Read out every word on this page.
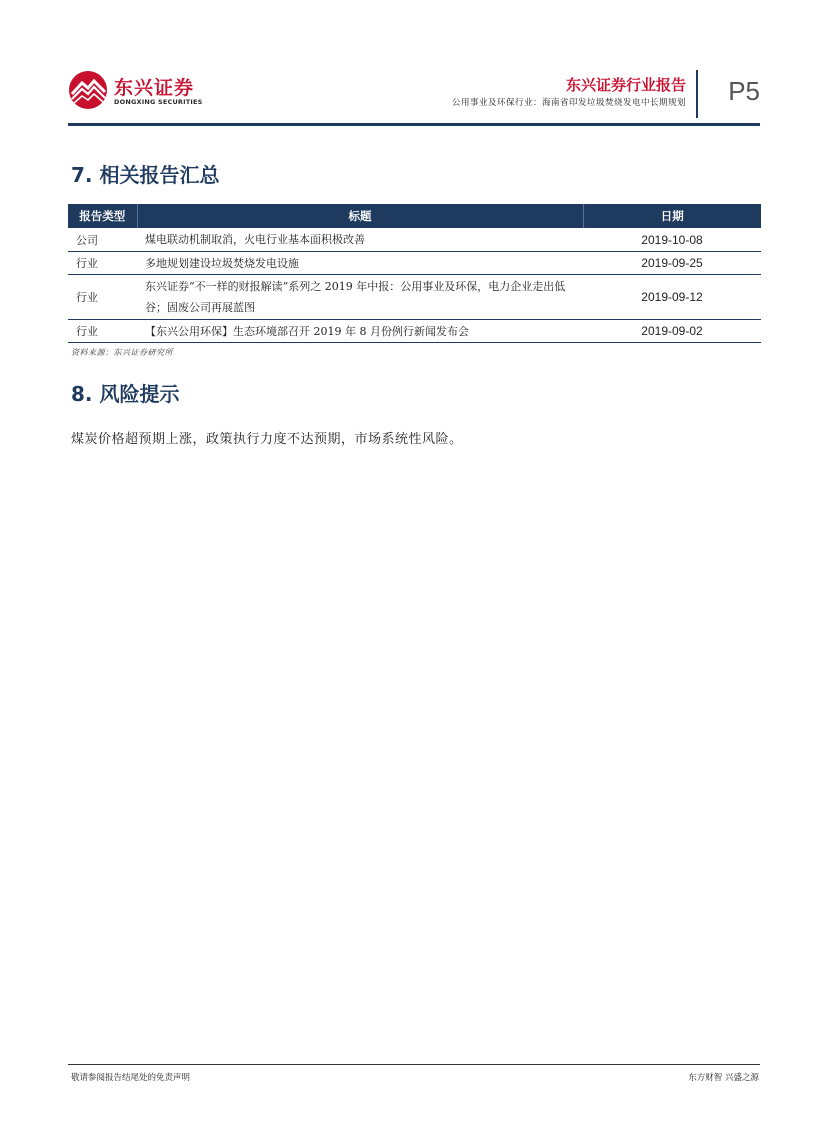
东兴证券
DONGXING SECURITIES
东兴证券行业报告
公用事业及环保行业：海南省印发垃圾焚烧发电中长期规划 P5
7. 相关报告汇总
报告类型	标题	日期
公司	煤电联动机制取消，火电行业基本面积极改善	2019-10-08
行业	多地规划建设垃圾焚烧发电设施	2019-09-25
行业	东兴证券“不一样的财报解读”系列之 2019 年中报：公用事业及环保，电力企业走出低谷；固废公司再展蓝图	2019-09-12
行业	【东兴公用环保】生态环境部召开 2019 年 8 月份例行新闻发布会	2019-09-02
资料来源：东兴证券研究所
8. 风险提示
煤炭价格超预期上涨，政策执行力度不达预期，市场系统性风险。
敬请参阅报告结尾处的免责声明	东方财智 兴盛之源
